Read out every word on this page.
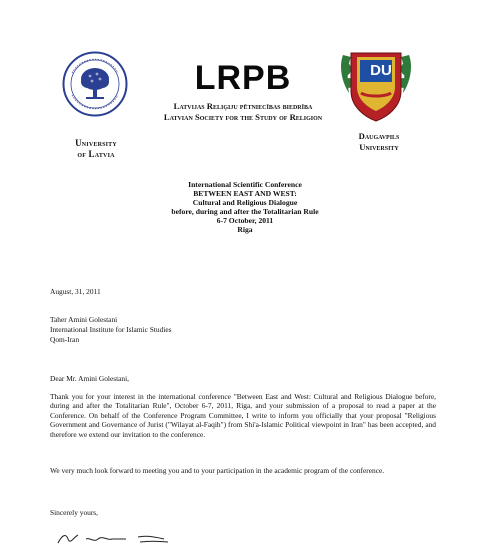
University
of Latvia
LRPB
Latvijas Reliģiju pētniecības biedrība
Latvian Society for the Study of Religion
DU
Daugavpils
University
International Scientific Conference
BETWEEN EAST AND WEST:
Cultural and Religious Dialogue
before, during and after the Totalitarian Rule
6-7 October, 2011
Riga
August, 31, 2011
Taher Amini Golestani
International Institute for Islamic Studies
Qom-Iran
Dear Mr. Amini Golestani,
Thank you for your interest in the international conference "Between East and West: Cultural and Religious Dialogue before, during and after the Totalitarian Rule", October 6-7, 2011, Riga, and your submission of a proposal to read a paper at the Conference. On behalf of the Conference Program Committee, I write to inform you officially that your proposal "Religious Government and Governance of Jurist ("Wilayat al-Faqih") from Shi'a-Islamic Political viewpoint in Iran" has been accepted, and therefore we extend our invitation to the conference.
We very much look forward to meeting you and to your participation in the academic program of the conference.
Sincerely yours,
